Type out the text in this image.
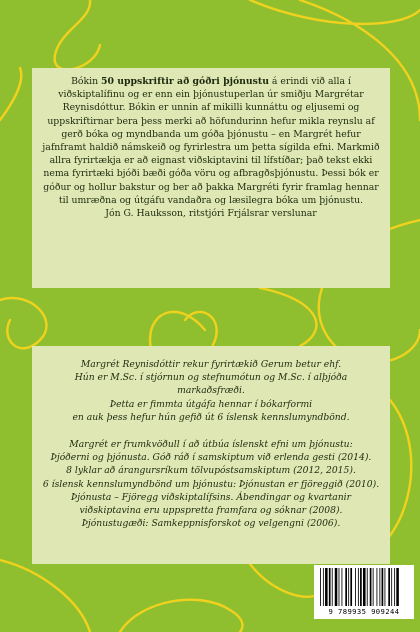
Bókin 50 uppskriftir að góðri þjónustu á erindi við alla í viðskiptalífinu og er enn ein þjónustuperlan úr smiðju Margrétar Reynisdóttur. Bókin er unnin af mikilli kunnáttu og eljusemi og uppskriftirnar bera þess merki að höfundurinn hefur mikla reynslu af gerð bóka og myndbanda um góða þjónustu – en Margrét hefur jafnframt haldið námskeið og fyrirlestra um þetta sígilda efni. Markmið allra fyrirtækja er að eignast viðskiptavini til lífstíðar; það tekst ekki nema fyrirtæki bjóði bæði góða vöru og afbragðsþjónustu. Þessi bók er góður og hollur bakstur og ber að þakka Margréti fyrir framlag hennar til umræðna og útgáfu vandaðra og læsilegra bóka um þjónustu.
Jón G. Hauksson, ritstjóri Frjálsrar verslunar
Margrét Reynisdóttir rekur fyrirtækið Gerum betur ehf.
Hún er M.Sc. í stjórnun og stefnumótun og M.Sc. í alþjóða markaðsfræði.
Þetta er fimmta útgáfa hennar í bókarformi
en auk þess hefur hún gefið út 6 íslensk kennslumyndbönd.
Margrét er frumkvöðull í að útbúa íslenskt efni um þjónustu:
Þjóðerni og þjónusta. Góð ráð í samskiptum við erlenda gesti (2014).
8 lyklar að árangursríkum tölvupóstsamskiptum (2012, 2015).
6 íslensk kennslumyndbönd um þjónustu: Þjónustan er fjöreggið (2010).
Þjónusta – Fjöregg viðskiptalífsins. Ábendingar og kvartanir
viðskiptavina eru uppspretta framfara og sóknar (2008).
Þjónustugæði: Samkeppnisforskot og velgengni (2006).
9 789935 909244
